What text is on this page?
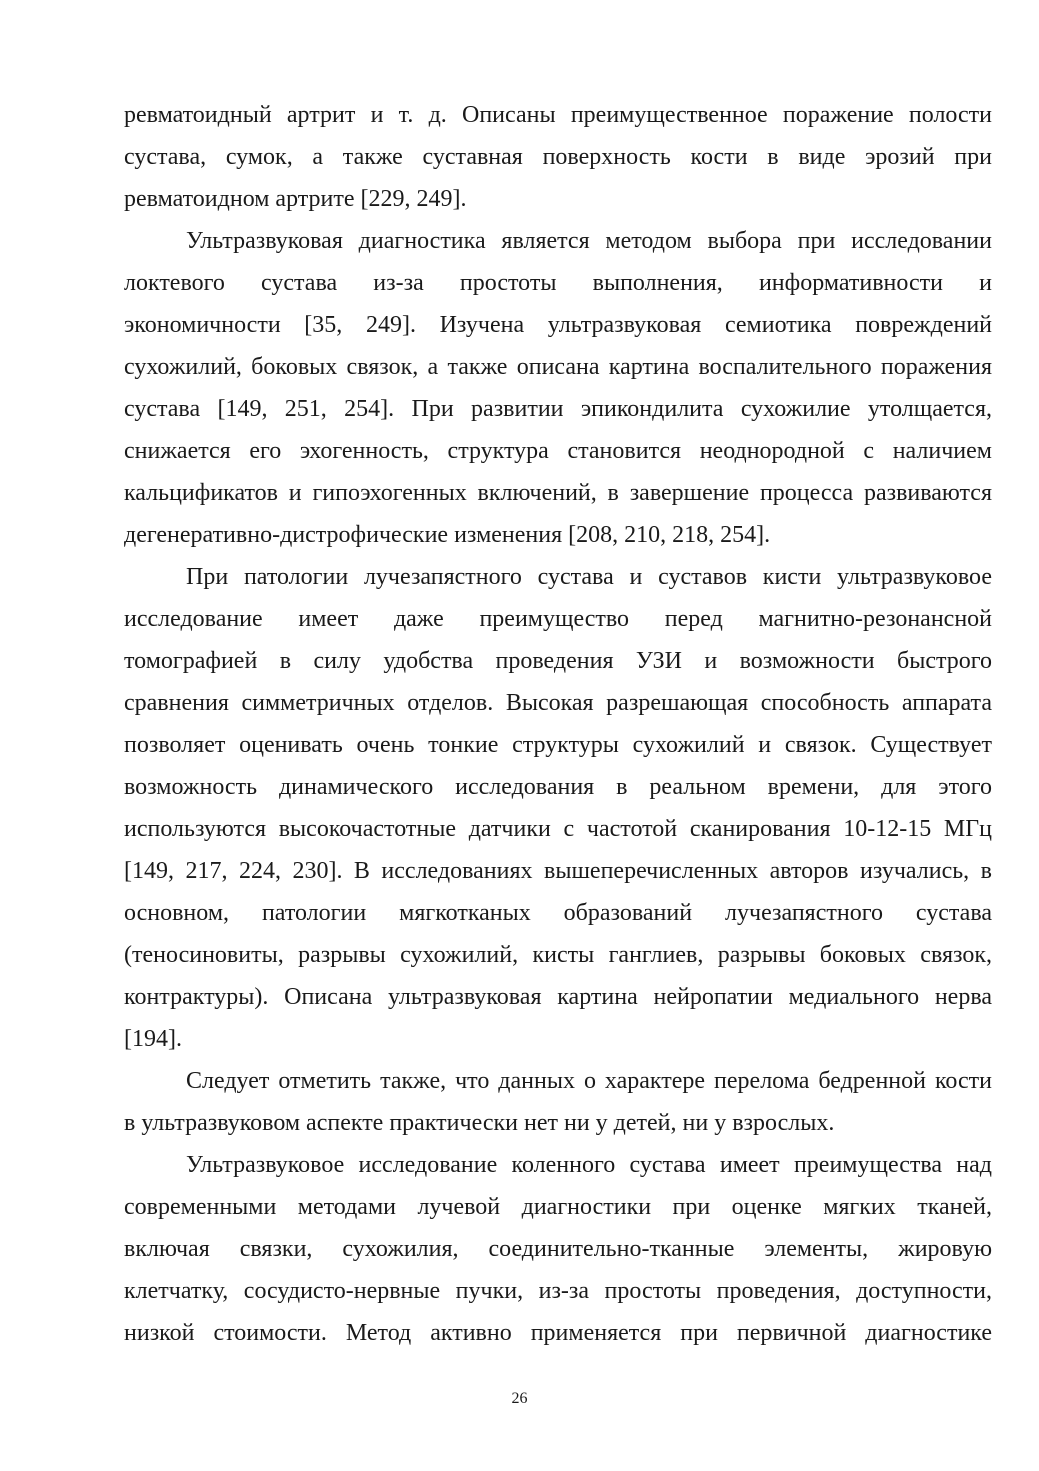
ревматоидный артрит и т. д. Описаны преимущественное поражение полости
сустава, сумок, а также суставная поверхность кости в виде эрозий при
ревматоидном артрите [229, 249].
Ультразвуковая диагностика является методом выбора при исследовании
локтевого сустава из-за простоты выполнения, информативности и
экономичности [35, 249]. Изучена ультразвуковая семиотика повреждений
сухожилий, боковых связок, а также описана картина воспалительного поражения
сустава [149, 251, 254]. При развитии эпикондилита сухожилие утолщается,
снижается его эхогенность, структура становится неоднородной с наличием
кальцификатов и гипоэхогенных включений, в завершение процесса развиваются
дегенеративно-дистрофические изменения [208, 210, 218, 254].
При патологии лучезапястного сустава и суставов кисти ультразвуковое
исследование имеет даже преимущество перед магнитно-резонансной
томографией в силу удобства проведения УЗИ и возможности быстрого
сравнения симметричных отделов. Высокая разрешающая способность аппарата
позволяет оценивать очень тонкие структуры сухожилий и связок. Существует
возможность динамического исследования в реальном времени, для этого
используются высокочастотные датчики с частотой сканирования 10-12-15 МГц
[149, 217, 224, 230]. В исследованиях вышеперечисленных авторов изучались, в
основном, патологии мягкотканых образований лучезапястного сустава
(теносиновиты, разрывы сухожилий, кисты ганглиев, разрывы боковых связок,
контрактуры). Описана ультразвуковая картина нейропатии медиального нерва
[194].
Следует отметить также, что данных о характере перелома бедренной кости
в ультразвуковом аспекте практически нет ни у детей, ни у взрослых.
Ультразвуковое исследование коленного сустава имеет преимущества над
современными методами лучевой диагностики при оценке мягких тканей,
включая связки, сухожилия, соединительно-тканные элементы, жировую
клетчатку, сосудисто-нервные пучки, из-за простоты проведения, доступности,
низкой стоимости. Метод активно применяется при первичной диагностике
26
